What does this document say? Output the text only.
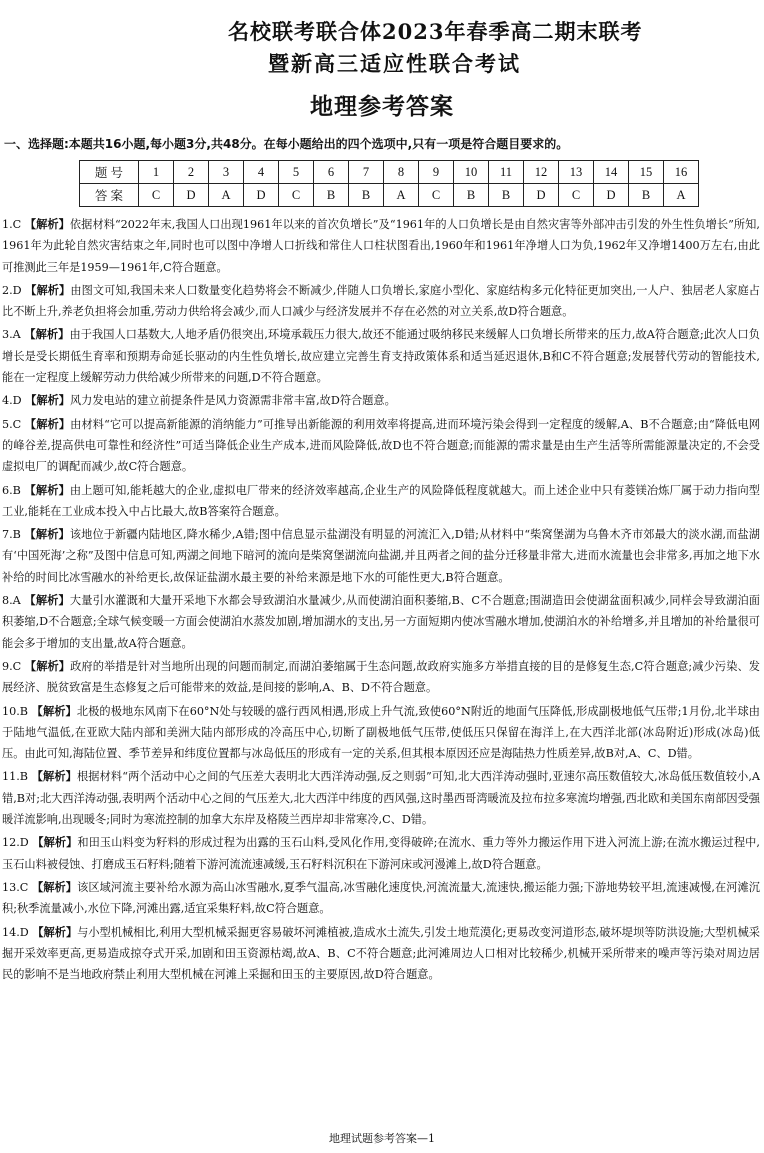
名校联考联合体2023年春季高二期末联考
暨新高三适应性联合考试
地理参考答案
一、选择题:本题共16小题,每小题3分,共48分。在每小题给出的四个选项中,只有一项是符合题目要求的。
题 号	1	2	3	4	5	6	7	8	9	10	11	12	13	14	15	16
答 案	C	D	A	D	C	B	B	A	C	B	B	D	C	D	B	A
1.C 【解析】依据材料“2022年末,我国人口出现1961年以来的首次负增长”及“1961年的人口负增长是由自然灾害等外部冲击引发的外生性负增长”所知,1961年为此轮自然灾害结束之年,同时也可以图中净增人口折线和常住人口柱状图看出,1960年和1961年净增人口为负,1962年又净增1400万左右,由此可推测此三年是1959—1961年,C符合题意。
2.D 【解析】由图文可知,我国未来人口数量变化趋势将会不断减少,伴随人口负增长,家庭小型化、家庭结构多元化特征更加突出,一人户、独居老人家庭占比不断上升,养老负担将会加重,劳动力供给将会减少,而人口减少与经济发展并不存在必然的对立关系,故D符合题意。
3.A 【解析】由于我国人口基数大,人地矛盾仍很突出,环境承载压力很大,故还不能通过吸纳移民来缓解人口负增长所带来的压力,故A符合题意;此次人口负增长是受长期低生育率和预期寿命延长驱动的内生性负增长,故应建立完善生育支持政策体系和适当延迟退休,B和C不符合题意;发展替代劳动的智能技术,能在一定程度上缓解劳动力供给减少所带来的问题,D不符合题意。
4.D 【解析】风力发电站的建立前提条件是风力资源需非常丰富,故D符合题意。
5.C 【解析】由材料“它可以提高新能源的消纳能力”可推导出新能源的利用效率将提高,进而环境污染会得到一定程度的缓解,A、B不合题意;由“降低电网的峰谷差,提高供电可靠性和经济性”可适当降低企业生产成本,进而风险降低,故D也不符合题意;而能源的需求量是由生产生活等所需能源量决定的,不会受虚拟电厂的调配而减少,故C符合题意。
6.B 【解析】由上题可知,能耗越大的企业,虚拟电厂带来的经济效率越高,企业生产的风险降低程度就越大。而上述企业中只有菱镁冶炼厂属于动力指向型工业,能耗在工业成本投入中占比最大,故B答案符合题意。
7.B 【解析】该地位于新疆内陆地区,降水稀少,A错;图中信息显示盐湖没有明显的河流汇入,D错;从材料中“柴窝堡湖为乌鲁木齐市郊最大的淡水湖,而盐湖有‘中国死海’之称”及图中信息可知,两湖之间地下暗河的流向是柴窝堡湖流向盐湖,并且两者之间的盐分迁移量非常大,进而水流量也会非常多,再加之地下水补给的时间比冰雪融水的补给更长,故保证盐湖水最主要的补给来源是地下水的可能性更大,B符合题意。
8.A 【解析】大量引水灌溉和大量开采地下水都会导致湖泊水量减少,从而使湖泊面积萎缩,B、C不合题意;围湖造田会使湖盆面积减少,同样会导致湖泊面积萎缩,D不合题意;全球气候变暖一方面会使湖泊水蒸发加剧,增加湖水的支出,另一方面短期内使冰雪融水增加,使湖泊水的补给增多,并且增加的补给量很可能会多于增加的支出量,故A符合题意。
9.C 【解析】政府的举措是针对当地所出现的问题而制定,而湖泊萎缩属于生态问题,故政府实施多方举措直接的目的是修复生态,C符合题意;减少污染、发展经济、脱贫致富是生态修复之后可能带来的效益,是间接的影响,A、B、D不符合题意。
10.B 【解析】北极的极地东风南下在60°N处与较暖的盛行西风相遇,形成上升气流,致使60°N附近的地面气压降低,形成副极地低气压带;1月份,北半球由于陆地气温低,在亚欧大陆内部和美洲大陆内部形成的冷高压中心,切断了副极地低气压带,使低压只保留在海洋上,在大西洋北部(冰岛附近)形成(冰岛)低压。由此可知,海陆位置、季节差异和纬度位置都与冰岛低压的形成有一定的关系,但其根本原因还应是海陆热力性质差异,故B对,A、C、D错。
11.B 【解析】根据材料“两个活动中心之间的气压差大表明北大西洋涛动强,反之则弱”可知,北大西洋涛动强时,亚速尔高压数值较大,冰岛低压数值较小,A错,B对;北大西洋涛动强,表明两个活动中心之间的气压差大,北大西洋中纬度的西风强,这时墨西哥湾暖流及拉布拉多寒流均增强,西北欧和美国东南部因受强暖洋流影响,出现暖冬;同时为寒流控制的加拿大东岸及格陵兰西岸却非常寒冷,C、D错。
12.D 【解析】和田玉山料变为籽料的形成过程为出露的玉石山料,受风化作用,变得破碎;在流水、重力等外力搬运作用下进入河流上游;在流水搬运过程中,玉石山料被侵蚀、打磨成玉石籽料;随着下游河流流速减缓,玉石籽料沉积在下游河床或河漫滩上,故D符合题意。
13.C 【解析】该区域河流主要补给水源为高山冰雪融水,夏季气温高,冰雪融化速度快,河流流量大,流速快,搬运能力强;下游地势较平坦,流速减慢,在河滩沉积;秋季流量减小,水位下降,河滩出露,适宜采集籽料,故C符合题意。
14.D 【解析】与小型机械相比,利用大型机械采掘更容易破坏河滩植被,造成水土流失,引发土地荒漠化;更易改变河道形态,破坏堤坝等防洪设施;大型机械采掘开采效率更高,更易造成掠夺式开采,加剧和田玉资源枯竭,故A、B、C不符合题意;此河滩周边人口相对比较稀少,机械开采所带来的噪声等污染对周边居民的影响不是当地政府禁止利用大型机械在河滩上采掘和田玉的主要原因,故D符合题意。
地理试题参考答案—1
